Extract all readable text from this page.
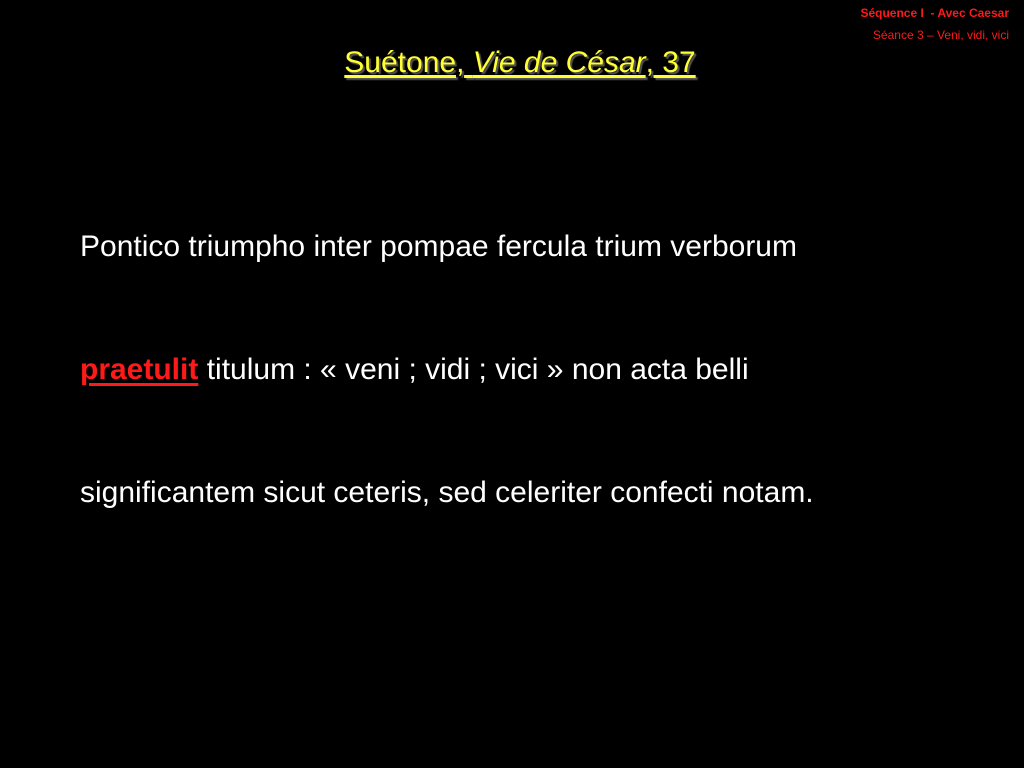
Séquence I  - Avec Caesar
Séance 3 – Veni, vidi, vici
Suétone, Vie de César, 37
Pontico triumpho inter pompae fercula trium verborum
praetulit titulum : « veni ; vidi ; vici » non acta belli
significantem sicut ceteris, sed celeriter confecti notam.
